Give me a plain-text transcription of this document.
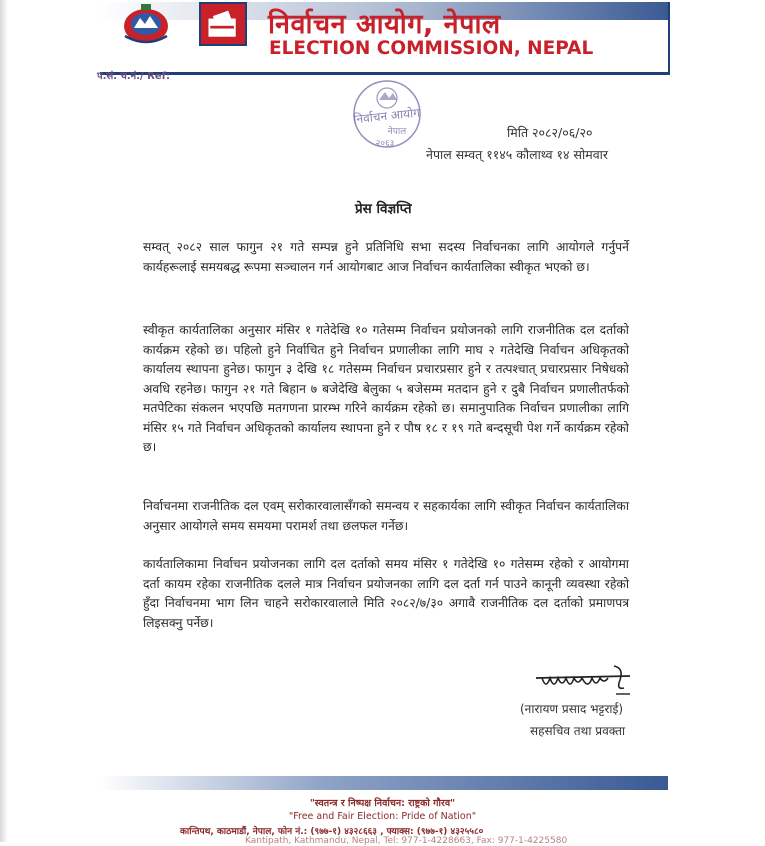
निर्वाचन आयोग, नेपाल
ELECTION COMMISSION, NEPAL
प.सं. च.नं./ Ref:
निर्वाचन आयोग
नेपाल
२०६३
मिति २०८२/०६/२०
नेपाल सम्वत् ११४५ कौलाथ्व १४ सोमवार
प्रेस विज्ञप्ति

सम्वत् २०८२ साल फागुन २१ गते सम्पन्न हुने प्रतिनिधि सभा सदस्य निर्वाचनका लागि आयोगले गर्नुपर्ने कार्यहरूलाई समयबद्ध रूपमा सञ्चालन गर्न आयोगबाट आज निर्वाचन कार्यतालिका स्वीकृत भएको छ।

स्वीकृत कार्यतालिका अनुसार मंसिर १ गतेदेखि १० गतेसम्म निर्वाचन प्रयोजनको लागि राजनीतिक दल दर्ताको कार्यक्रम रहेको छ। पहिलो हुने निर्वाचित हुने निर्वाचन प्रणालीका लागि माघ २ गतेदेखि निर्वाचन अधिकृतको कार्यालय स्थापना हुनेछ। फागुन ३ देखि १८ गतेसम्म निर्वाचन प्रचारप्रसार हुने र तत्पश्चात् प्रचारप्रसार निषेधको अवधि रहनेछ। फागुन २१ गते बिहान ७ बजेदेखि बेलुका ५ बजेसम्म मतदान हुने र दुबै निर्वाचन प्रणालीतर्फको मतपेटिका संकलन भएपछि मतगणना प्रारम्भ गरिने कार्यक्रम रहेको छ। समानुपातिक निर्वाचन प्रणालीका लागि मंसिर १५ गते निर्वाचन अधिकृतको कार्यालय स्थापना हुने र पौष १८ र १९ गते बन्दसूची पेश गर्ने कार्यक्रम रहेको छ।

निर्वाचनमा राजनीतिक दल एवम् सरोकारवालासँगको समन्वय र सहकार्यका लागि स्वीकृत निर्वाचन कार्यतालिका अनुसार आयोगले समय समयमा परामर्श तथा छलफल गर्नेछ।

कार्यतालिकामा निर्वाचन प्रयोजनका लागि दल दर्ताको समय मंसिर १ गतेदेखि १० गतेसम्म रहेको र आयोगमा दर्ता कायम रहेका राजनीतिक दलले मात्र निर्वाचन प्रयोजनका लागि दल दर्ता गर्न पाउने कानूनी व्यवस्था रहेको हुँदा निर्वाचनमा भाग लिन चाहने सरोकारवालाले मिति २०८२/७/३० अगावै राजनीतिक दल दर्ताको प्रमाणपत्र लिइसक्नु पर्नेछ।

(नारायण प्रसाद भट्टराई)
सहसचिव तथा प्रवक्ता
"स्वतन्त्र र निष्पक्ष निर्वाचन: राष्ट्रको गौरव"
"Free and Fair Election: Pride of Nation"
कान्तिपथ, काठमाडौं, नेपाल, फोन नं.: (९७७-१) ४३२८६६३ , फ्याक्स: (९७७-१) ४३२५५८०
Kantipath, Kathmandu, Nepal, Tel: 977-1-4228663, Fax: 977-1-4225580
